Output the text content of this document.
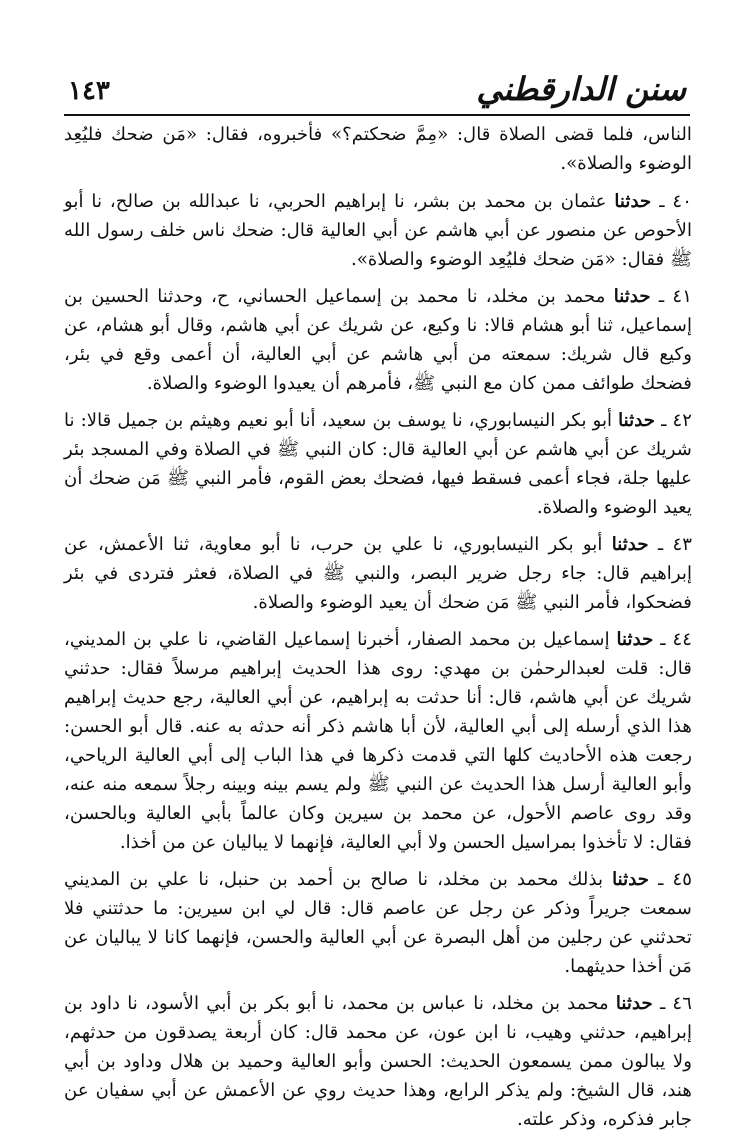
سنن الدارقطني
١٤٣

الناس، فلما قضى الصلاة قال: «مِمَّ ضحكتم؟» فأخبروه، فقال: «مَن ضحك فليُعِد الوضوء والصلاة».

٤٠ ـ حدثنا عثمان بن محمد بن بشر، نا إبراهيم الحربي، نا عبدالله بن صالح، نا أبو الأحوص عن منصور عن أبي هاشم عن أبي العالية قال: ضحك ناس خلف رسول الله ﷺ فقال: «مَن ضحك فليُعِد الوضوء والصلاة».

٤١ ـ حدثنا محمد بن مخلد، نا محمد بن إسماعيل الحساني، ح، وحدثنا الحسين بن إسماعيل، ثنا أبو هشام قالا: نا وكيع، عن شريك عن أبي هاشم، وقال أبو هشام، عن وكيع قال شريك: سمعته من أبي هاشم عن أبي العالية، أن أعمى وقع في بئر، فضحك طوائف ممن كان مع النبي ﷺ، فأمرهم أن يعيدوا الوضوء والصلاة.

٤٢ ـ حدثنا أبو بكر النيسابوري، نا يوسف بن سعيد، أنا أبو نعيم وهيثم بن جميل قالا: نا شريك عن أبي هاشم عن أبي العالية قال: كان النبي ﷺ في الصلاة وفي المسجد بئر عليها جلة، فجاء أعمى فسقط فيها، فضحك بعض القوم، فأمر النبي ﷺ مَن ضحك أن يعيد الوضوء والصلاة.

٤٣ ـ حدثنا أبو بكر النيسابوري، نا علي بن حرب، نا أبو معاوية، ثنا الأعمش، عن إبراهيم قال: جاء رجل ضرير البصر، والنبي ﷺ في الصلاة، فعثر فتردى في بئر فضحكوا، فأمر النبي ﷺ مَن ضحك أن يعيد الوضوء والصلاة.

٤٤ ـ حدثنا إسماعيل بن محمد الصفار، أخبرنا إسماعيل القاضي، نا علي بن المديني، قال: قلت لعبدالرحمٰن بن مهدي: روى هذا الحديث إبراهيم مرسلاً فقال: حدثني شريك عن أبي هاشم، قال: أنا حدثت به إبراهيم، عن أبي العالية، رجع حديث إبراهيم هذا الذي أرسله إلى أبي العالية، لأن أبا هاشم ذكر أنه حدثه به عنه. قال أبو الحسن: رجعت هذه الأحاديث كلها التي قدمت ذكرها في هذا الباب إلى أبي العالية الرياحي، وأبو العالية أرسل هذا الحديث عن النبي ﷺ ولم يسم بينه وبينه رجلاً سمعه منه عنه، وقد روى عاصم الأحول، عن محمد بن سيرين وكان عالماً بأبي العالية وبالحسن، فقال: لا تأخذوا بمراسيل الحسن ولا أبي العالية، فإنهما لا يباليان عن من أخذا.

٤٥ ـ حدثنا بذلك محمد بن مخلد، نا صالح بن أحمد بن حنبل، نا علي بن المديني سمعت جريراً وذكر عن رجل عن عاصم قال: قال لي ابن سيرين: ما حدثتني فلا تحدثني عن رجلين من أهل البصرة عن أبي العالية والحسن، فإنهما كانا لا يباليان عن مَن أخذا حديثهما.

٤٦ ـ حدثنا محمد بن مخلد، نا عباس بن محمد، نا أبو بكر بن أبي الأسود، نا داود بن إبراهيم، حدثني وهيب، نا ابن عون، عن محمد قال: كان أربعة يصدقون من حدثهم، ولا يبالون ممن يسمعون الحديث: الحسن وأبو العالية وحميد بن هلال وداود بن أبي هند، قال الشيخ: ولم يذكر الرابع، وهذا حديث روي عن الأعمش عن أبي سفيان عن جابر فذكره، وذكر علته.
